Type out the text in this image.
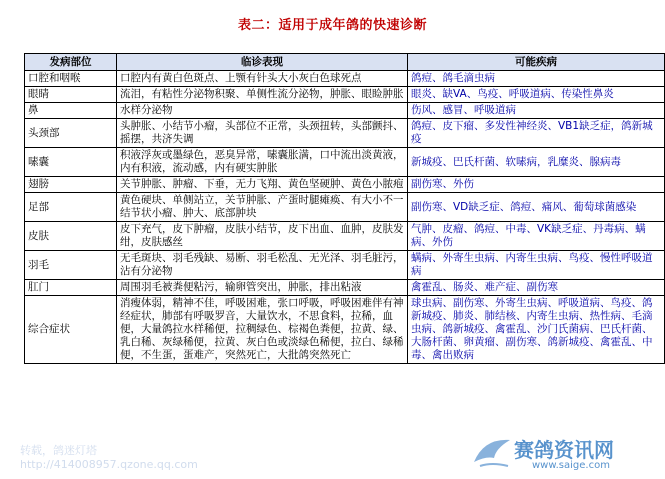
表二：适用于成年鸽的快速诊断
发病部位	临诊表现	可能疾病
口腔和咽喉	口腔内有黄白色斑点、上颚有针头大小灰白色球死点	鸽痘、鸽毛滴虫病
眼睛	流泪，有粘性分泌物积聚、单侧性流分泌物，肿胀、眼睑肿胀	眼炎、缺VA、鸟疫、呼吸道病、传染性鼻炎
鼻	水样分泌物	伤风、感冒、呼吸道病
头颈部	头肿胀、小结节小瘤，头部位不正常，头颈扭转，头部颤抖、摇摆，共济失调	鸽痘、皮下瘤、多发性神经炎、VB1缺乏症，鸽新城疫
嗉囊	积液浮灰或墨绿色，恶臭异常，嗉囊胀满，口中流出淡黄液，内有积液，流动感，内有硬实肿胀	新城疫、巴氏杆菌、软嗉病，乳糜炎、腺病毒
翅膀	关节肿胀、肿瘤、下垂，无力飞翔、黄色坚硬肿、黄色小脓疱	副伤寒、外伤
足部	黄色硬块、单侧站立，关节肿胀、产蛋时腿瘫痪、有大小不一结节状小瘤、肿大、底部肿块	副伤寒、VD缺乏症、鸽痘、痛风、葡萄球菌感染
皮肤	皮下充气，皮下肿瘤，皮肤小结节，皮下出血、血肿，皮肤发绀，皮肤感丝	气肿、皮瘤、鸽痘、中毒、VK缺乏症、丹毒病、螨病、外伤
羽毛	无毛斑块、羽毛残缺、易断、羽毛松乱、无光泽、羽毛脏污，沾有分泌物	螨病、外寄生虫病、内寄生虫病、鸟疫、慢性呼吸道病
肛门	周围羽毛被粪便粘污，输卵管突出，肿胀，排出粘液	禽霍乱、肠炎、难产症、副伤寒
综合症状	消瘦体弱，精神不佳，呼吸困难，张口呼吸，呼吸困难伴有神经症状，肺部有呼吸罗音，大量饮水，不思食料，拉稀，血便，大量鸽拉水样稀便，拉稠绿色、棕褐色粪便，拉黄、绿、乳白稀、灰绿稀便，拉黄、灰白色或淡绿色稀便，拉白、绿稀便，不生蛋，蛋难产，突然死亡，大批鸽突然死亡	球虫病、副伤寒、外寄生虫病、呼吸道病、鸟疫、鸽新城疫、肺炎、肺结核、内寄生虫病、热性病、毛滴虫病、鸽新城疫、禽霍乱、沙门氏菌病、巴氏杆菌、大肠杆菌、卵黄瘤、副伤寒、鸽新城疫、禽霍乱、中毒、禽出败病
转载，鸽迷灯塔
http://414008957.qzone.qq.com
赛鸽资讯网
www.saige.com
